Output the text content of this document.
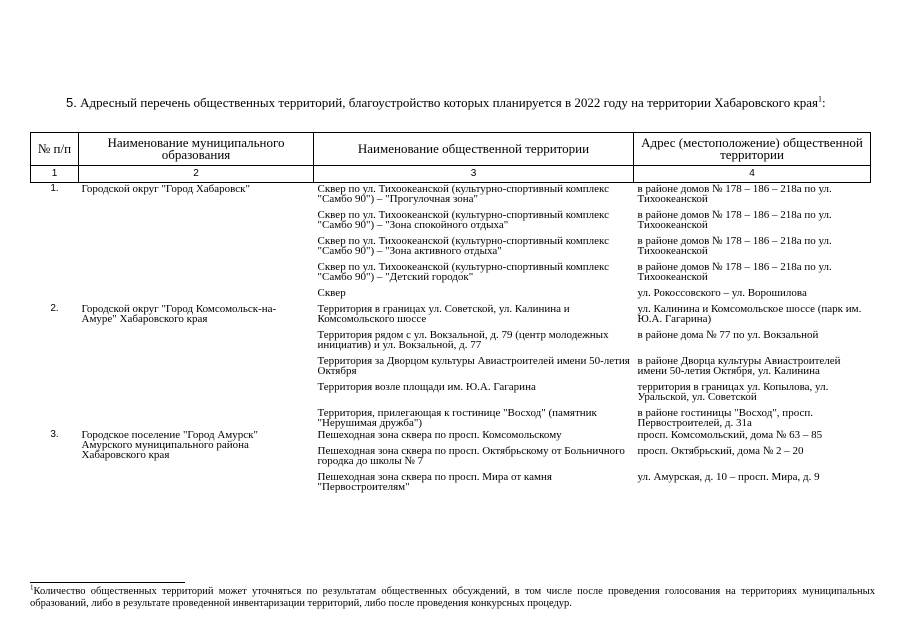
5. Адресный перечень общественных территорий, благоустройство которых планируется в 2022 году на территории Хабаровского края$^1$:
№ п/п	Наименование муниципального образования	Наименование общественной территории	Адрес (местоположение) общественной территории
1	2	3	4
1.	Городской округ "Город Хабаровск"	Сквер по ул. Тихоокеанской (культурно-спортивный комплекс "Самбо 90") – "Прогулочная зона"	в районе домов № 178 – 186 – 218а по ул. Тихоокеанской
		Сквер по ул. Тихоокеанской (культурно-спортивный комплекс "Самбо 90") – "Зона спокойного отдыха"	в районе домов № 178 – 186 – 218а по ул. Тихоокеанской
		Сквер по ул. Тихоокеанской (культурно-спортивный комплекс "Самбо 90") – "Зона активного отдыха"	в районе домов № 178 – 186 – 218а по ул. Тихоокеанской
		Сквер по ул. Тихоокеанской (культурно-спортивный комплекс "Самбо 90") – "Детский городок"	в районе домов № 178 – 186 – 218а по ул. Тихоокеанской
		Сквер	ул. Рокоссовского – ул. Ворошилова
2.	Городской округ "Город Комсомольск-на-Амуре" Хабаровского края	Территория в границах ул. Советской, ул. Калинина и Комсомольского шоссе	ул. Калинина и Комсомольское шоссе (парк им. Ю.А. Гагарина)
		Территория рядом с ул. Вокзальной, д. 79 (центр молодежных инициатив) и ул. Вокзальной, д. 77	в районе дома № 77 по ул. Вокзальной
		Территория за Дворцом культуры Авиастроителей имени 50-летия Октября	в районе Дворца культуры Авиастроителей имени 50-летия Октября, ул. Калинина
		Территория возле площади им. Ю.А. Гагарина	территория в границах ул. Копылова, ул. Уральской, ул. Советской
		Территория, прилегающая к гостинице "Восход" (памятник "Нерушимая дружба")	в районе гостиницы "Восход", просп. Первостроителей, д. 31а
3.	Городское поселение "Город Амурск" Амурского муниципального района Хабаровского края	Пешеходная зона сквера по просп. Комсомольскому	просп. Комсомольский, дома № 63 – 85
		Пешеходная зона сквера по просп. Октябрьскому от Больничного городка до школы № 7	просп. Октябрьский, дома № 2 – 20
		Пешеходная зона сквера по просп. Мира от камня "Первостроителям"	ул. Амурская, д. 10 – просп. Мира, д. 9
$^1$Количество общественных территорий может уточняться по результатам общественных обсуждений, в том числе после проведения голосования на территориях муниципальных образований, либо в результате проведенной инвентаризации территорий, либо после проведения конкурсных процедур.
